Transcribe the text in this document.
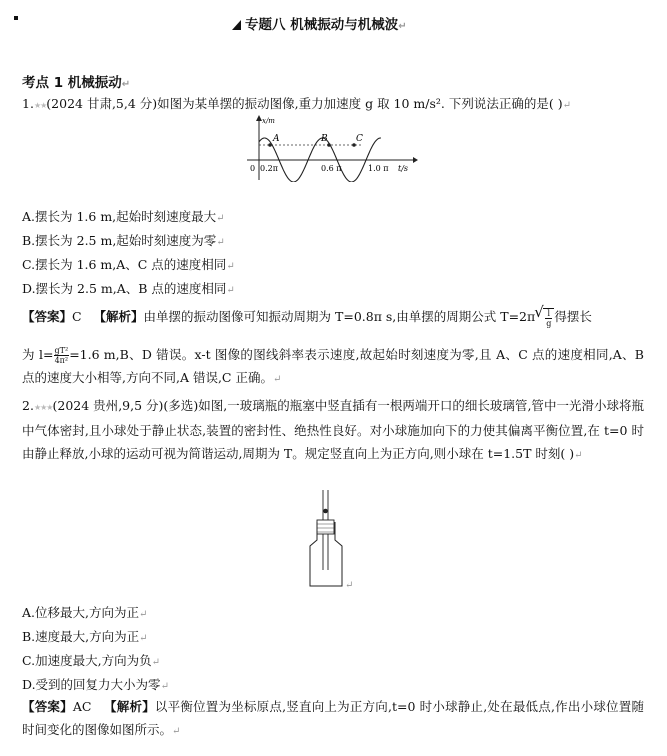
专题八 机械振动与机械波↵
考点 1 机械振动↵
1.★★(2024 甘肃,5,4 分)如图为某单摆的振动图像,重力加速度 g 取 10 m/s². 下列说法正确的是( )↵
A	B	C
x/m
t/s
0 0.2π	0.6 π	1.0 π
A.摆长为 1.6 m,起始时刻速度最大↵
B.摆长为 2.5 m,起始时刻速度为零↵
C.摆长为 1.6 m,A、C 点的速度相同↵
D.摆长为 2.5 m,A、B 点的速度相同↵
【答案】C 【解析】由单摆的振动图像可知振动周期为 T=0.8π s,由单摆的周期公式 T=2π
√ $\frac{l}{g}$ 得摆长
为 $l= \frac{\text{gT²}}{\text{4π²}} =1.6$ m,B、D 错误。x-t 图像的图线斜率表示速度,故起始时刻速度为零,且 A、C 点的速度相同,A、B 点的速度大小相等,方向不同,A 错误,C 正确。↵
2.★★★(2024 贵州,9,5 分)(多选)如图,一玻璃瓶的瓶塞中竖直插有一根两端开口的细长玻璃管,管中一光滑小球将瓶中气体密封,且小球处于静止状态,装置的密封性、绝热性良好。对小球施加向下的力使其偏离平衡位置,在 t=0 时由静止释放,小球的运动可视为简谐运动,周期为 T。规定竖直向上为正方向,则小球在 t=1.5T 时刻( )↵
↵
A.位移最大,方向为正↵
B.速度最大,方向为正↵
C.加速度最大,方向为负↵
D.受到的回复力大小为零↵
【答案】AC 【解析】以平衡位置为坐标原点,竖直向上为正方向,t=0 时小球静止,处在最低点,作出小球位置随时间变化的图像如图所示。↵
